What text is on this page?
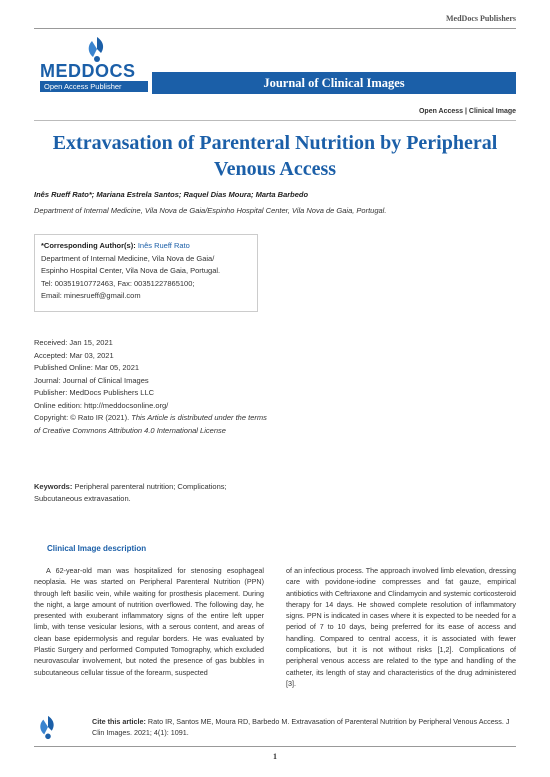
MedDocs Publishers
MEDDOCS
Open Access Publisher	Journal of Clinical Images
Open Access | Clinical Image
Extravasation of Parenteral Nutrition by Peripheral Venous Access
Inês Rueff Rato*; Mariana Estrela Santos; Raquel Dias Moura; Marta Barbedo
Department of Internal Medicine, Vila Nova de Gaia/Espinho Hospital Center, Vila Nova de Gaia, Portugal.
*Corresponding Author(s): Inês Rueff Rato
Department of Internal Medicine, Vila Nova de Gaia/
Espinho Hospital Center, Vila Nova de Gaia, Portugal.
Tel: 00351910772463, Fax: 00351227865100;
Email: minesrueff@gmail.com
Received: Jan 15, 2021
Accepted: Mar 03, 2021
Published Online: Mar 05, 2021
Journal: Journal of Clinical Images
Publisher: MedDocs Publishers LLC
Online edition: http://meddocsonline.org/
Copyright: © Rato IR (2021). This Article is distributed under the terms of Creative Commons Attribution 4.0 International License
Keywords: Peripheral parenteral nutrition; Complications; Subcutaneous extravasation.
Clinical Image description
A 62-year-old man was hospitalized for stenosing esophageal neoplasia. He was started on Peripheral Parenteral Nutrition (PPN) through left basilic vein, while waiting for prosthesis placement. During the night, a large amount of nutrition overflowed. The following day, he presented with exuberant inflammatory signs of the entire left upper limb, with tense vesicular lesions, with a serous content, and areas of clean base epidermolysis and regular borders. He was evaluated by Plastic Surgery and performed Computed Tomography, which excluded neurovascular involvement, but noted the presence of gas bubbles in subcutaneous cellular tissue of the forearm, suspected
of an infectious process. The approach involved limb elevation, dressing care with povidone-iodine compresses and fat gauze, empirical antibiotics with Ceftriaxone and Clindamycin and systemic corticosteroid therapy for 14 days. He showed complete resolution of inflammatory signs. PPN is indicated in cases where it is expected to be needed for a period of 7 to 10 days, being preferred for its ease of access and handling. Compared to central access, it is associated with fewer complications, but it is not without risks [1,2]. Complications of peripheral venous access are related to the type and handling of the catheter, its length of stay and characteristics of the drug administered [3].
Cite this article: Rato IR, Santos ME, Moura RD, Barbedo M. Extravasation of Parenteral Nutrition by Peripheral Venous Access. J Clin Images. 2021; 4(1): 1091.
1
